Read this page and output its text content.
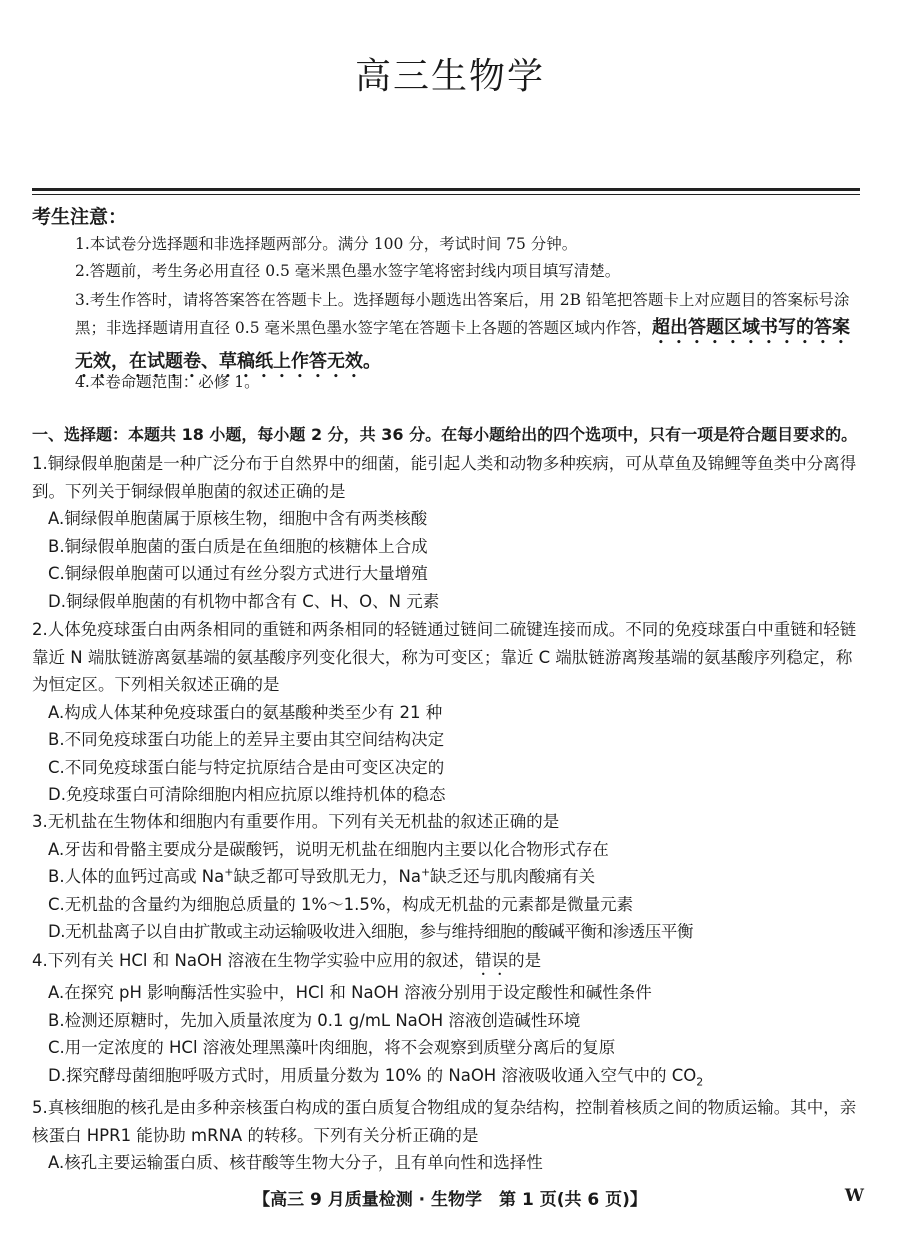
高三生物学
考生注意：
1.本试卷分选择题和非选择题两部分。满分 100 分，考试时间 75 分钟。
2.答题前，考生务必用直径 0.5 毫米黑色墨水签字笔将密封线内项目填写清楚。
3.考生作答时，请将答案答在答题卡上。选择题每小题选出答案后，用 2B 铅笔把答题卡上对应题目的答案标号涂黑；非选择题请用直径 0.5 毫米黑色墨水签字笔在答题卡上各题的答题区域内作答，超出答题区域书写的答案无效，在试题卷、草稿纸上作答无效。
4.本卷命题范围：必修 1。
一、选择题：本题共 18 小题，每小题 2 分，共 36 分。在每小题给出的四个选项中，只有一项是符合题目要求的。
1.铜绿假单胞菌是一种广泛分布于自然界中的细菌，能引起人类和动物多种疾病，可从草鱼及锦鲤等鱼类中分离得到。下列关于铜绿假单胞菌的叙述正确的是
A.铜绿假单胞菌属于原核生物，细胞中含有两类核酸
B.铜绿假单胞菌的蛋白质是在鱼细胞的核糖体上合成
C.铜绿假单胞菌可以通过有丝分裂方式进行大量增殖
D.铜绿假单胞菌的有机物中都含有 C、H、O、N 元素
2.人体免疫球蛋白由两条相同的重链和两条相同的轻链通过链间二硫键连接而成。不同的免疫球蛋白中重链和轻链靠近 N 端肽链游离氨基端的氨基酸序列变化很大，称为可变区；靠近 C 端肽链游离羧基端的氨基酸序列稳定，称为恒定区。下列相关叙述正确的是
A.构成人体某种免疫球蛋白的氨基酸种类至少有 21 种
B.不同免疫球蛋白功能上的差异主要由其空间结构决定
C.不同免疫球蛋白能与特定抗原结合是由可变区决定的
D.免疫球蛋白可清除细胞内相应抗原以维持机体的稳态
3.无机盐在生物体和细胞内有重要作用。下列有关无机盐的叙述正确的是
A.牙齿和骨骼主要成分是碳酸钙，说明无机盐在细胞内主要以化合物形式存在
B.人体的血钙过高或 Na+缺乏都可导致肌无力，Na+缺乏还与肌肉酸痛有关
C.无机盐的含量约为细胞总质量的 1%～1.5%，构成无机盐的元素都是微量元素
D.无机盐离子以自由扩散或主动运输吸收进入细胞，参与维持细胞的酸碱平衡和渗透压平衡
4.下列有关 HCl 和 NaOH 溶液在生物学实验中应用的叙述，错误的是
A.在探究 pH 影响酶活性实验中，HCl 和 NaOH 溶液分别用于设定酸性和碱性条件
B.检测还原糖时，先加入质量浓度为 0.1 g/mL NaOH 溶液创造碱性环境
C.用一定浓度的 HCl 溶液处理黑藻叶肉细胞，将不会观察到质壁分离后的复原
D.探究酵母菌细胞呼吸方式时，用质量分数为 10% 的 NaOH 溶液吸收通入空气中的 $CO_2$
5.真核细胞的核孔是由多种亲核蛋白构成的蛋白质复合物组成的复杂结构，控制着核质之间的物质运输。其中，亲核蛋白 HPR1 能协助 mRNA 的转移。下列有关分析正确的是
A.核孔主要运输蛋白质、核苷酸等生物大分子，且有单向性和选择性
【高三 9 月质量检测 · 生物学　第 1 页(共 6 页)】	W
